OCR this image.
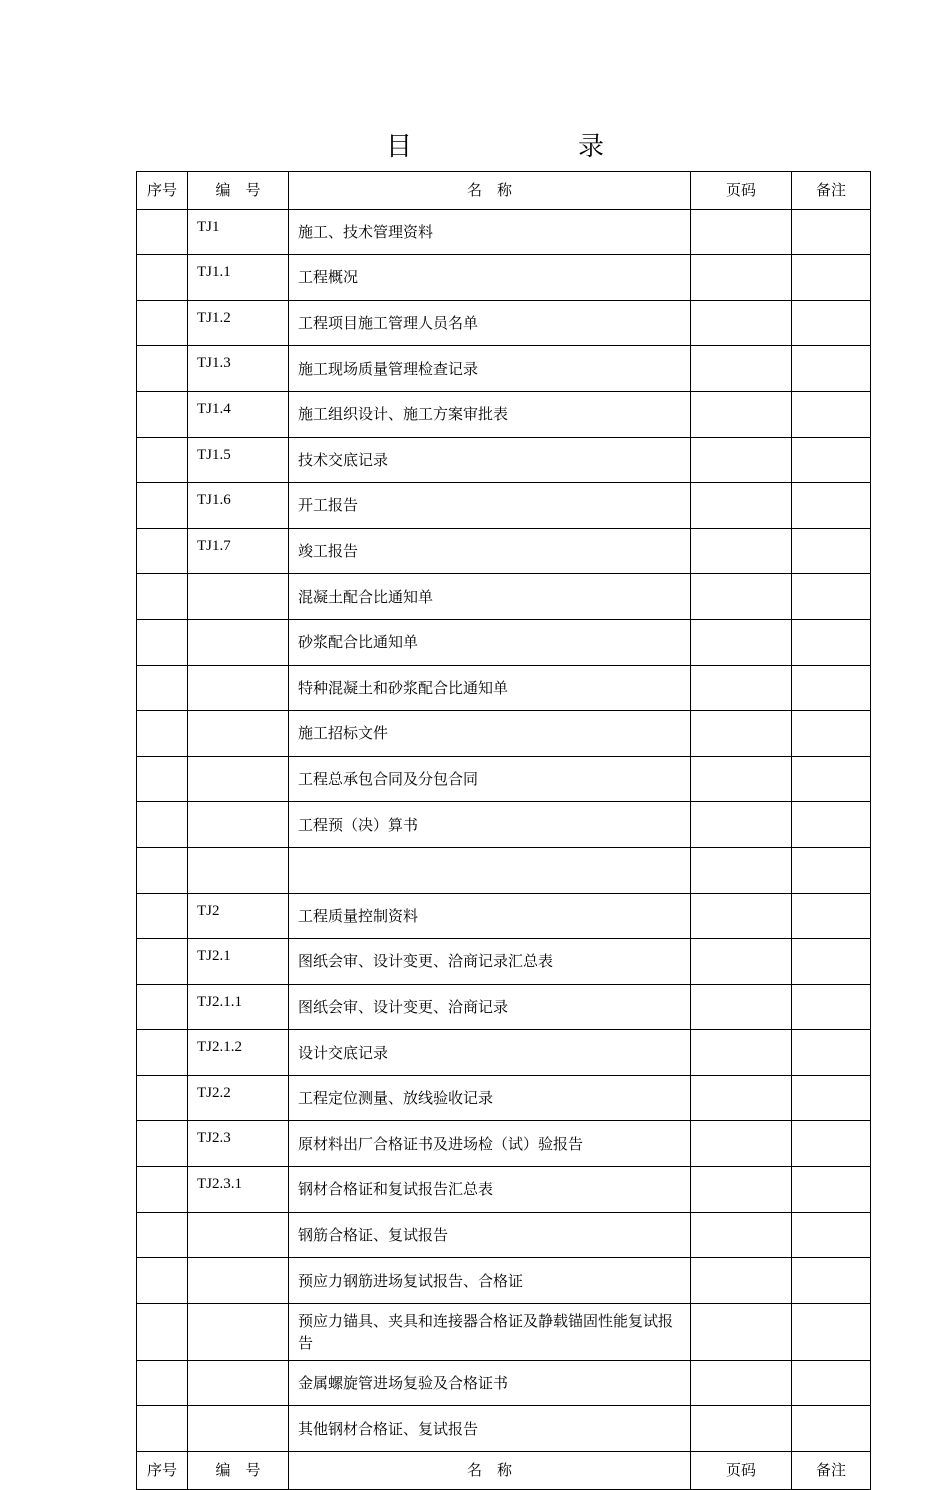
目　录
序号	编　号	名　称	页码	备注
	TJ1	施工、技术管理资料		
	TJ1.1	工程概况		
	TJ1.2	工程项目施工管理人员名单		
	TJ1.3	施工现场质量管理检查记录		
	TJ1.4	施工组织设计、施工方案审批表		
	TJ1.5	技术交底记录		
	TJ1.6	开工报告		
	TJ1.7	竣工报告		
		混凝土配合比通知单		
		砂浆配合比通知单		
		特种混凝土和砂浆配合比通知单		
		施工招标文件		
		工程总承包合同及分包合同		
		工程预（决）算书		

	TJ2	工程质量控制资料		
	TJ2.1	图纸会审、设计变更、洽商记录汇总表		
	TJ2.1.1	图纸会审、设计变更、洽商记录		
	TJ2.1.2	设计交底记录		
	TJ2.2	工程定位测量、放线验收记录		
	TJ2.3	原材料出厂合格证书及进场检（试）验报告		
	TJ2.3.1	钢材合格证和复试报告汇总表		
		钢筋合格证、复试报告		
		预应力钢筋进场复试报告、合格证		
		预应力锚具、夹具和连接器合格证及静载锚固性能复试报告		
		金属螺旋管进场复验及合格证书		
		其他钢材合格证、复试报告		
序号	编　号	名　称	页码	备注
